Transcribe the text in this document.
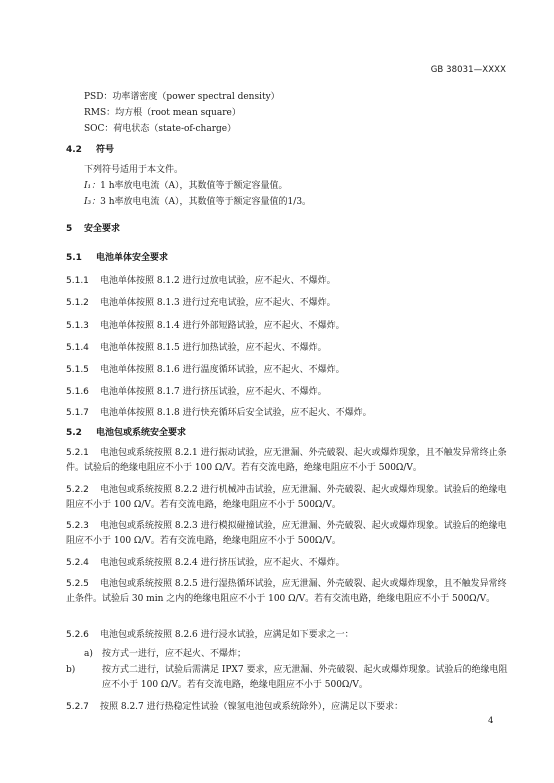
GB 38031—XXXX
PSD：功率谱密度（power spectral density）
RMS：均方根（root mean square）
SOC：荷电状态（state-of-charge）
4.2 符号
下列符号适用于本文件。
I₁：1 h率放电电流（A），其数值等于额定容量值。
I₃：3 h率放电电流（A），其数值等于额定容量值的1/3。
5 安全要求
5.1 电池单体安全要求
5.1.1 电池单体按照 8.1.2 进行过放电试验，应不起火、不爆炸。
5.1.2 电池单体按照 8.1.3 进行过充电试验，应不起火、不爆炸。
5.1.3 电池单体按照 8.1.4 进行外部短路试验，应不起火、不爆炸。
5.1.4 电池单体按照 8.1.5 进行加热试验，应不起火、不爆炸。
5.1.5 电池单体按照 8.1.6 进行温度循环试验，应不起火、不爆炸。
5.1.6 电池单体按照 8.1.7 进行挤压试验，应不起火、不爆炸。
5.1.7 电池单体按照 8.1.8 进行快充循环后安全试验，应不起火、不爆炸。
5.2 电池包或系统安全要求
5.2.1 电池包或系统按照 8.2.1 进行振动试验，应无泄漏、外壳破裂、起火或爆炸现象，且不触发异常终止条件。试验后的绝缘电阻应不小于 100 Ω/V。若有交流电路，绝缘电阻应不小于 500Ω/V。
5.2.2 电池包或系统按照 8.2.2 进行机械冲击试验，应无泄漏、外壳破裂、起火或爆炸现象。试验后的绝缘电阻应不小于 100 Ω/V。若有交流电路，绝缘电阻应不小于 500Ω/V。
5.2.3 电池包或系统按照 8.2.3 进行模拟碰撞试验，应无泄漏、外壳破裂、起火或爆炸现象。试验后的绝缘电阻应不小于 100 Ω/V。若有交流电路，绝缘电阻应不小于 500Ω/V。
5.2.4 电池包或系统按照 8.2.4 进行挤压试验，应不起火、不爆炸。
5.2.5 电池包或系统按照 8.2.5 进行湿热循环试验，应无泄漏、外壳破裂、起火或爆炸现象，且不触发异常终止条件。试验后 30 min 之内的绝缘电阻应不小于 100 Ω/V。若有交流电路，绝缘电阻应不小于 500Ω/V。
5.2.6 电池包或系统按照 8.2.6 进行浸水试验，应满足如下要求之一：
a) 按方式一进行，应不起火、不爆炸；
b)	按方式二进行，试验后需满足 IPX7 要求，应无泄漏、外壳破裂、起火或爆炸现象。试验后的绝缘电阻应不小于 100 Ω/V。若有交流电路，绝缘电阻应不小于 500Ω/V。
5.2.7 按照 8.2.7 进行热稳定性试验（镍氢电池包或系统除外），应满足以下要求：
4
